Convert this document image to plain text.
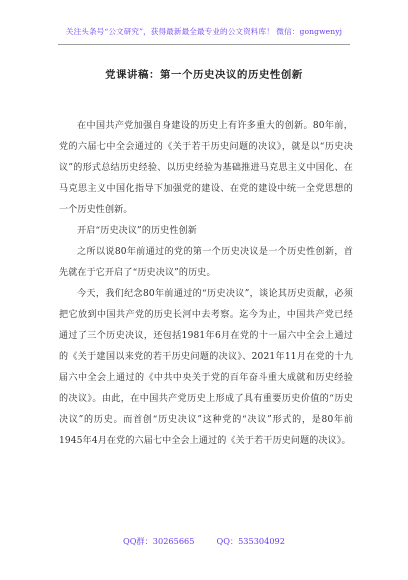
关注头条号“公文研究”，获得最新最全最专业的公文资料库！ 微信：gongwenyj
党课讲稿：第一个历史决议的历史性创新

在中国共产党加强自身建设的历史上有许多重大的创新。80年前，党的六届七中全会通过的《关于若干历史问题的决议》，就是以“历史决议”的形式总结历史经验、以历史经验为基础推进马克思主义中国化、在马克思主义中国化指导下加强党的建设、在党的建设中统一全党思想的一个历史性创新。

开启“历史决议”的历史性创新

之所以说80年前通过的党的第一个历史决议是一个历史性创新，首先就在于它开启了“历史决议”的历史。

今天，我们纪念80年前通过的“历史决议”，谈论其历史贡献，必须把它放到中国共产党的历史长河中去考察。迄今为止，中国共产党已经通过了三个历史决议，还包括1981年6月在党的十一届六中全会上通过的《关于建国以来党的若干历史问题的决议》、2021年11月在党的十九届六中全会上通过的《中共中央关于党的百年奋斗重大成就和历史经验的决议》。由此，在中国共产党历史上形成了具有重要历史价值的“历史决议”的历史。而首创“历史决议”这种党的“决议”形式的，是80年前1945年4月在党的六届七中全会上通过的《关于若干历史问题的决议》。

QQ群：30265665	QQ：535304092
